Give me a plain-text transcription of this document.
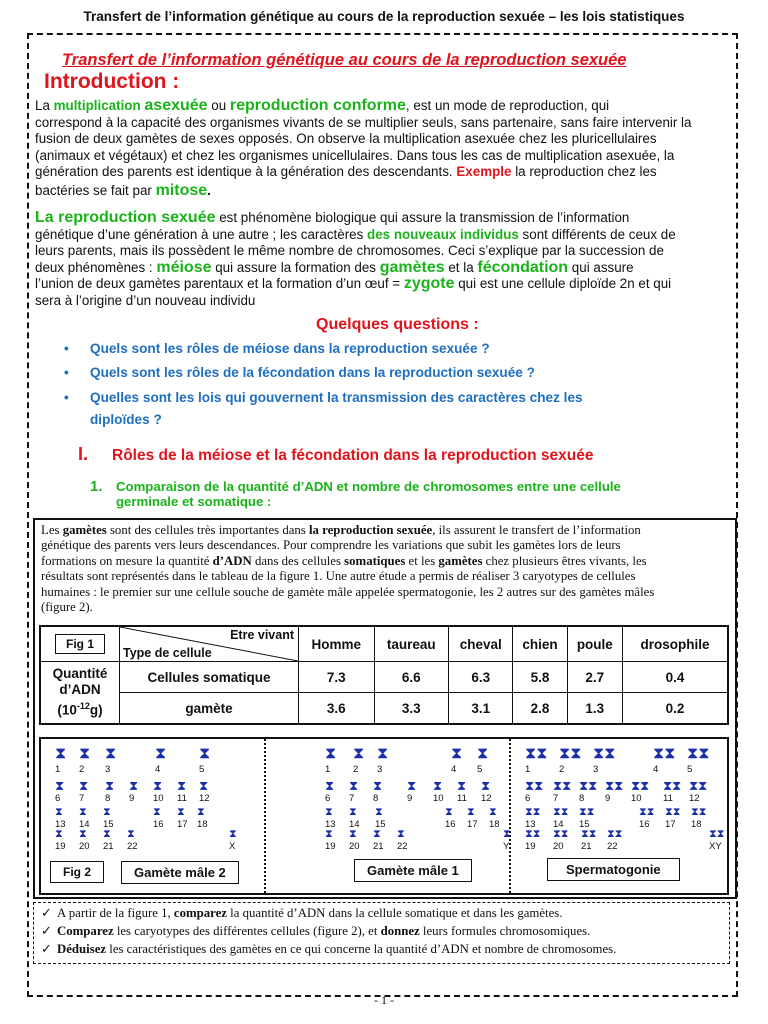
Transfert de l’information génétique au cours de la reproduction sexuée – les lois statistiques
Transfert de l’information génétique au cours de la reproduction sexuée
Introduction :
La multiplication asexuée ou reproduction conforme, est un mode de reproduction, qui
correspond à la capacité des organismes vivants de se multiplier seuls, sans partenaire, sans faire intervenir la
fusion de deux gamètes de sexes opposés. On observe la multiplication asexuée chez les pluricellulaires
(animaux et végétaux) et chez les organismes unicellulaires. Dans tous les cas de multiplication asexuée, la
génération des parents est identique à la génération des descendants. Exemple la reproduction chez les
bactéries se fait par mitose.
La reproduction sexuée est phénomène biologique qui assure la transmission de l’information
génétique d’une génération à une autre ; les caractères des nouveaux individus sont différents de ceux de
leurs parents, mais ils possèdent le même nombre de chromosomes. Ceci s’explique par la succession de
deux phénomènes : méiose qui assure la formation des gamètes et la fécondation qui assure
l’union de deux gamètes parentaux et la formation d’un œuf = zygote qui est une cellule diploïde 2n et qui
sera à l’origine d’un nouveau individu
Quelques questions :
• Quels sont les rôles de méiose dans la reproduction sexuée ?
• Quels sont les rôles de la fécondation dans la reproduction sexuée ?
• Quelles sont les lois qui gouvernent la transmission des caractères chez les
diploïdes ?
I. Rôles de la méiose et la fécondation dans la reproduction sexuée
1. Comparaison de la quantité d’ADN et nombre de chromosomes entre une cellule
germinale et somatique :
Les gamètes sont des cellules très importantes dans la reproduction sexuée, ils assurent le transfert de l’information
génétique des parents vers leurs descendances. Pour comprendre les variations que subit les gamètes lors de leurs
formations on mesure la quantité d’ADN dans des cellules somatiques et les gamètes chez plusieurs êtres vivants, les
résultats sont représentés dans le tableau de la figure 1. Une autre étude a permis de réaliser 3 caryotypes de cellules
humaines : le premier sur une cellule souche de gamète mâle appelée spermatogonie, les 2 autres sur des gamètes mâles
(figure 2).
Fig 1	Etre vivant
Type de cellule	Homme	taureau	cheval	chien	poule	drosophile

Quantité
d’ADN
$(10^{-12}g)$	Cellules somatique	7.3	6.6	6.3	5.8	2.7	0.4
	gamète	3.6	3.3	3.1	2.8	1.3	0.2
⧗
1
⧗
2
⧗
3
⧗
4
⧗
5
⧗
6
⧗
7
⧗
8
⧗
9
⧗
10
⧗
11
⧗
12
⧗
13
⧗
14
⧗
15
⧗
16
⧗
17
⧗
18
⧗
19
⧗
20
⧗
21
⧗
22
⧗
X
⧗
1
⧗
2
⧗
3
⧗
4
⧗
5
⧗
6
⧗
7
⧗
8
⧗
9
⧗
10
⧗
11
⧗
12
⧗
13
⧗
14
⧗
15
⧗
16
⧗
17
⧗
18
⧗
19
⧗
20
⧗
21
⧗
22
⧗
Y
⧗⧗
1
⧗⧗
2
⧗⧗
3
⧗⧗
4
⧗⧗
5
⧗⧗
6
⧗⧗
7
⧗⧗
8
⧗⧗
9
⧗⧗
10
⧗⧗
11
⧗⧗
12
⧗⧗
13
⧗⧗
14
⧗⧗
15
⧗⧗
16
⧗⧗
17
⧗⧗
18
⧗⧗
19
⧗⧗
20
⧗⧗
21
⧗⧗
22
⧗⧗
XY
Fig 2	Gamète mâle 2	Gamète mâle 1	Spermatogonie
✓ A partir de la figure 1, comparez la quantité d’ADN dans la cellule somatique et dans les gamètes.
✓ Comparez les caryotypes des différentes cellules (figure 2), et donnez leurs formules chromosomiques.
✓ Déduisez les caractéristiques des gamètes en ce qui concerne la quantité d’ADN et nombre de chromosomes.
- 1 -
